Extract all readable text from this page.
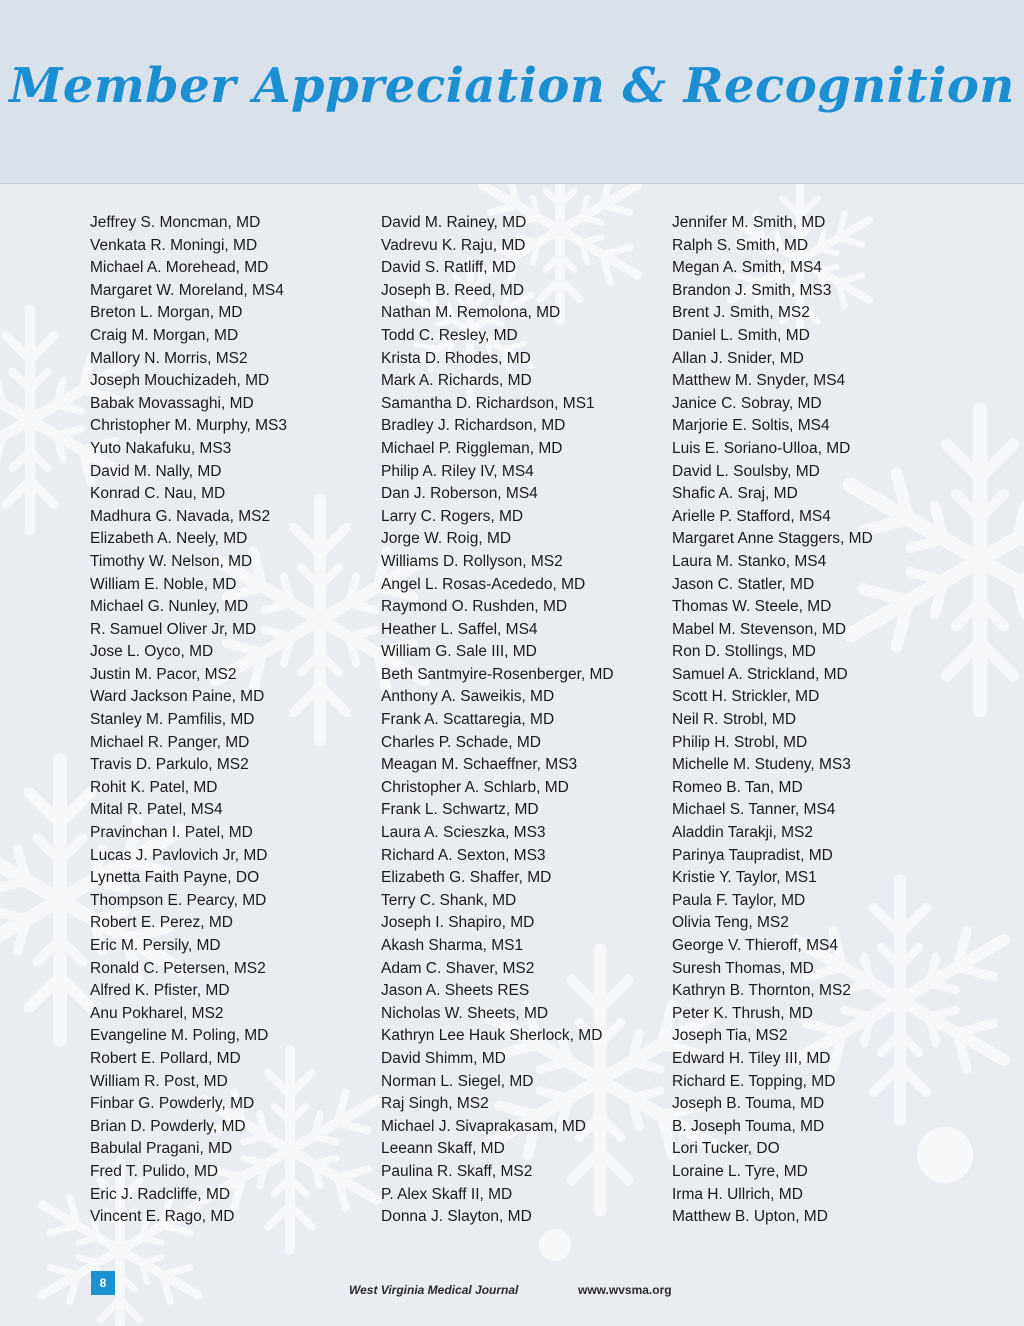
Member Appreciation & Recognition
Jeffrey S. Moncman, MD
Venkata R. Moningi, MD
Michael A. Morehead, MD
Margaret W. Moreland, MS4
Breton L. Morgan, MD
Craig M. Morgan, MD
Mallory N. Morris, MS2
Joseph Mouchizadeh, MD
Babak Movassaghi, MD
Christopher M. Murphy, MS3
Yuto Nakafuku, MS3
David M. Nally, MD
Konrad C. Nau, MD
Madhura G. Navada, MS2
Elizabeth A. Neely, MD
Timothy W. Nelson, MD
William E. Noble, MD
Michael G. Nunley, MD
R. Samuel Oliver Jr, MD
Jose L. Oyco, MD
Justin M. Pacor, MS2
Ward Jackson Paine, MD
Stanley M. Pamfilis, MD
Michael R. Panger, MD
Travis D. Parkulo, MS2
Rohit K. Patel, MD
Mital R. Patel, MS4
Pravinchan I. Patel, MD
Lucas J. Pavlovich Jr, MD
Lynetta Faith Payne, DO
Thompson E. Pearcy, MD
Robert E. Perez, MD
Eric M. Persily, MD
Ronald C. Petersen, MS2
Alfred K. Pfister, MD
Anu Pokharel, MS2
Evangeline M. Poling, MD
Robert E. Pollard, MD
William R. Post, MD
Finbar G. Powderly, MD
Brian D. Powderly, MD
Babulal Pragani, MD
Fred T. Pulido, MD
Eric J. Radcliffe, MD
Vincent E. Rago, MD
David M. Rainey, MD
Vadrevu K. Raju, MD
David S. Ratliff, MD
Joseph B. Reed, MD
Nathan M. Remolona, MD
Todd C. Resley, MD
Krista D. Rhodes, MD
Mark A. Richards, MD
Samantha D. Richardson, MS1
Bradley J. Richardson, MD
Michael P. Riggleman, MD
Philip A. Riley IV, MS4
Dan J. Roberson, MS4
Larry C. Rogers, MD
Jorge W. Roig, MD
Williams D. Rollyson, MS2
Angel L. Rosas-Acededo, MD
Raymond O. Rushden, MD
Heather L. Saffel, MS4
William G. Sale III, MD
Beth Santmyire-Rosenberger, MD
Anthony A. Saweikis, MD
Frank A. Scattaregia, MD
Charles P. Schade, MD
Meagan M. Schaeffner, MS3
Christopher A. Schlarb, MD
Frank L. Schwartz, MD
Laura A. Scieszka, MS3
Richard A. Sexton, MS3
Elizabeth G. Shaffer, MD
Terry C. Shank, MD
Joseph I. Shapiro, MD
Akash Sharma, MS1
Adam C. Shaver, MS2
Jason A. Sheets RES
Nicholas W. Sheets, MD
Kathryn Lee Hauk Sherlock, MD
David Shimm, MD
Norman L. Siegel, MD
Raj Singh, MS2
Michael J. Sivaprakasam, MD
Leeann Skaff, MD
Paulina R. Skaff, MS2
P. Alex Skaff II, MD
Donna J. Slayton, MD
Jennifer M. Smith, MD
Ralph S. Smith, MD
Megan A. Smith, MS4
Brandon J. Smith, MS3
Brent J. Smith, MS2
Daniel L. Smith, MD
Allan J. Snider, MD
Matthew M. Snyder, MS4
Janice C. Sobray, MD
Marjorie E. Soltis, MS4
Luis E. Soriano-Ulloa, MD
David L. Soulsby, MD
Shafic A. Sraj, MD
Arielle P. Stafford, MS4
Margaret Anne Staggers, MD
Laura M. Stanko, MS4
Jason C. Statler, MD
Thomas W. Steele, MD
Mabel M. Stevenson, MD
Ron D. Stollings, MD
Samuel A. Strickland, MD
Scott H. Strickler, MD
Neil R. Strobl, MD
Philip H. Strobl, MD
Michelle M. Studeny, MS3
Romeo B. Tan, MD
Michael S. Tanner, MS4
Aladdin Tarakji, MS2
Parinya Taupradist, MD
Kristie Y. Taylor, MS1
Paula F. Taylor, MD
Olivia Teng, MS2
George V. Thieroff, MS4
Suresh Thomas, MD
Kathryn B. Thornton, MS2
Peter K. Thrush, MD
Joseph Tia, MS2
Edward H. Tiley III, MD
Richard E. Topping, MD
Joseph B. Touma, MD
B. Joseph Touma, MD
Lori Tucker, DO
Loraine L. Tyre, MD
Irma H. Ullrich, MD
Matthew B. Upton, MD
8	West Virginia Medical Journal	www.wvsma.org
